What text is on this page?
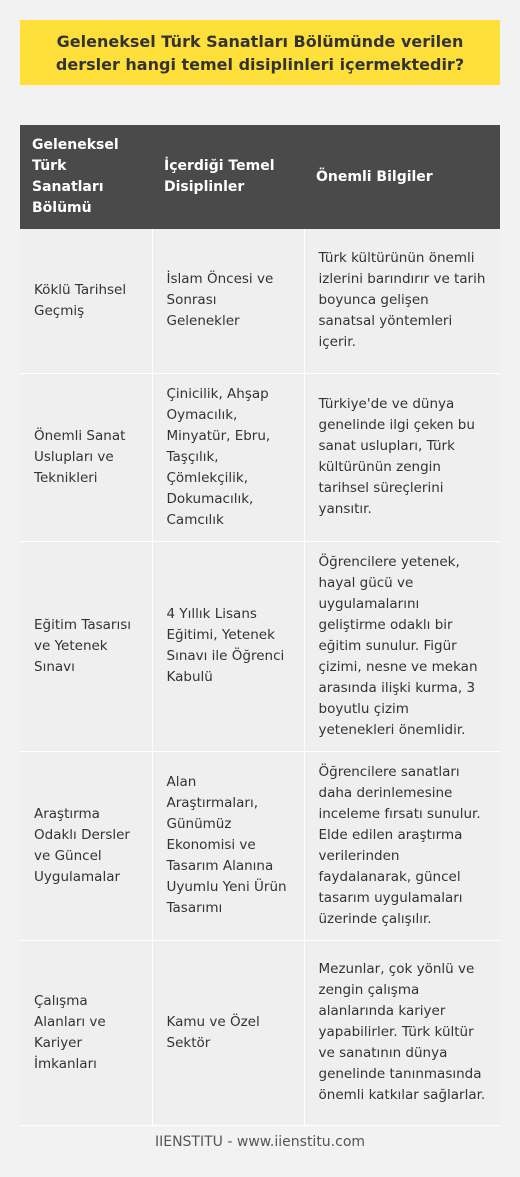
Geleneksel Türk Sanatları Bölümünde verilen dersler hangi temel disiplinleri içermektedir?
Geleneksel Türk Sanatları Bölümü	İçerdiği Temel Disiplinler	Önemli Bilgiler
Köklü Tarihsel Geçmiş	İslam Öncesi ve Sonrası Gelenekler	Türk kültürünün önemli izlerini barındırır ve tarih boyunca gelişen sanatsal yöntemleri içerir.
Önemli Sanat Uslupları ve Teknikleri	Çinicilik, Ahşap Oymacılık, Minyatür, Ebru, Taşçılık, Çömlekçilik, Dokumacılık, Camcılık	Türkiye'de ve dünya genelinde ilgi çeken bu sanat uslupları, Türk kültürünün zengin tarihsel süreçlerini yansıtır.
Eğitim Tasarısı ve Yetenek Sınavı	4 Yıllık Lisans Eğitimi, Yetenek Sınavı ile Öğrenci Kabulü	Öğrencilere yetenek, hayal gücü ve uygulamalarını geliştirme odaklı bir eğitim sunulur. Figür çizimi, nesne ve mekan arasında ilişki kurma, 3 boyutlu çizim yetenekleri önemlidir.
Araştırma Odaklı Dersler ve Güncel Uygulamalar	Alan Araştırmaları, Günümüz Ekonomisi ve Tasarım Alanına Uyumlu Yeni Ürün Tasarımı	Öğrencilere sanatları daha derinlemesine inceleme fırsatı sunulur. Elde edilen araştırma verilerinden faydalanarak, güncel tasarım uygulamaları üzerinde çalışılır.
Çalışma Alanları ve Kariyer İmkanları	Kamu ve Özel Sektör	Mezunlar, çok yönlü ve zengin çalışma alanlarında kariyer yapabilirler. Türk kültür ve sanatının dünya genelinde tanınmasında önemli katkılar sağlarlar.
IIENSTITU - www.iienstitu.com
